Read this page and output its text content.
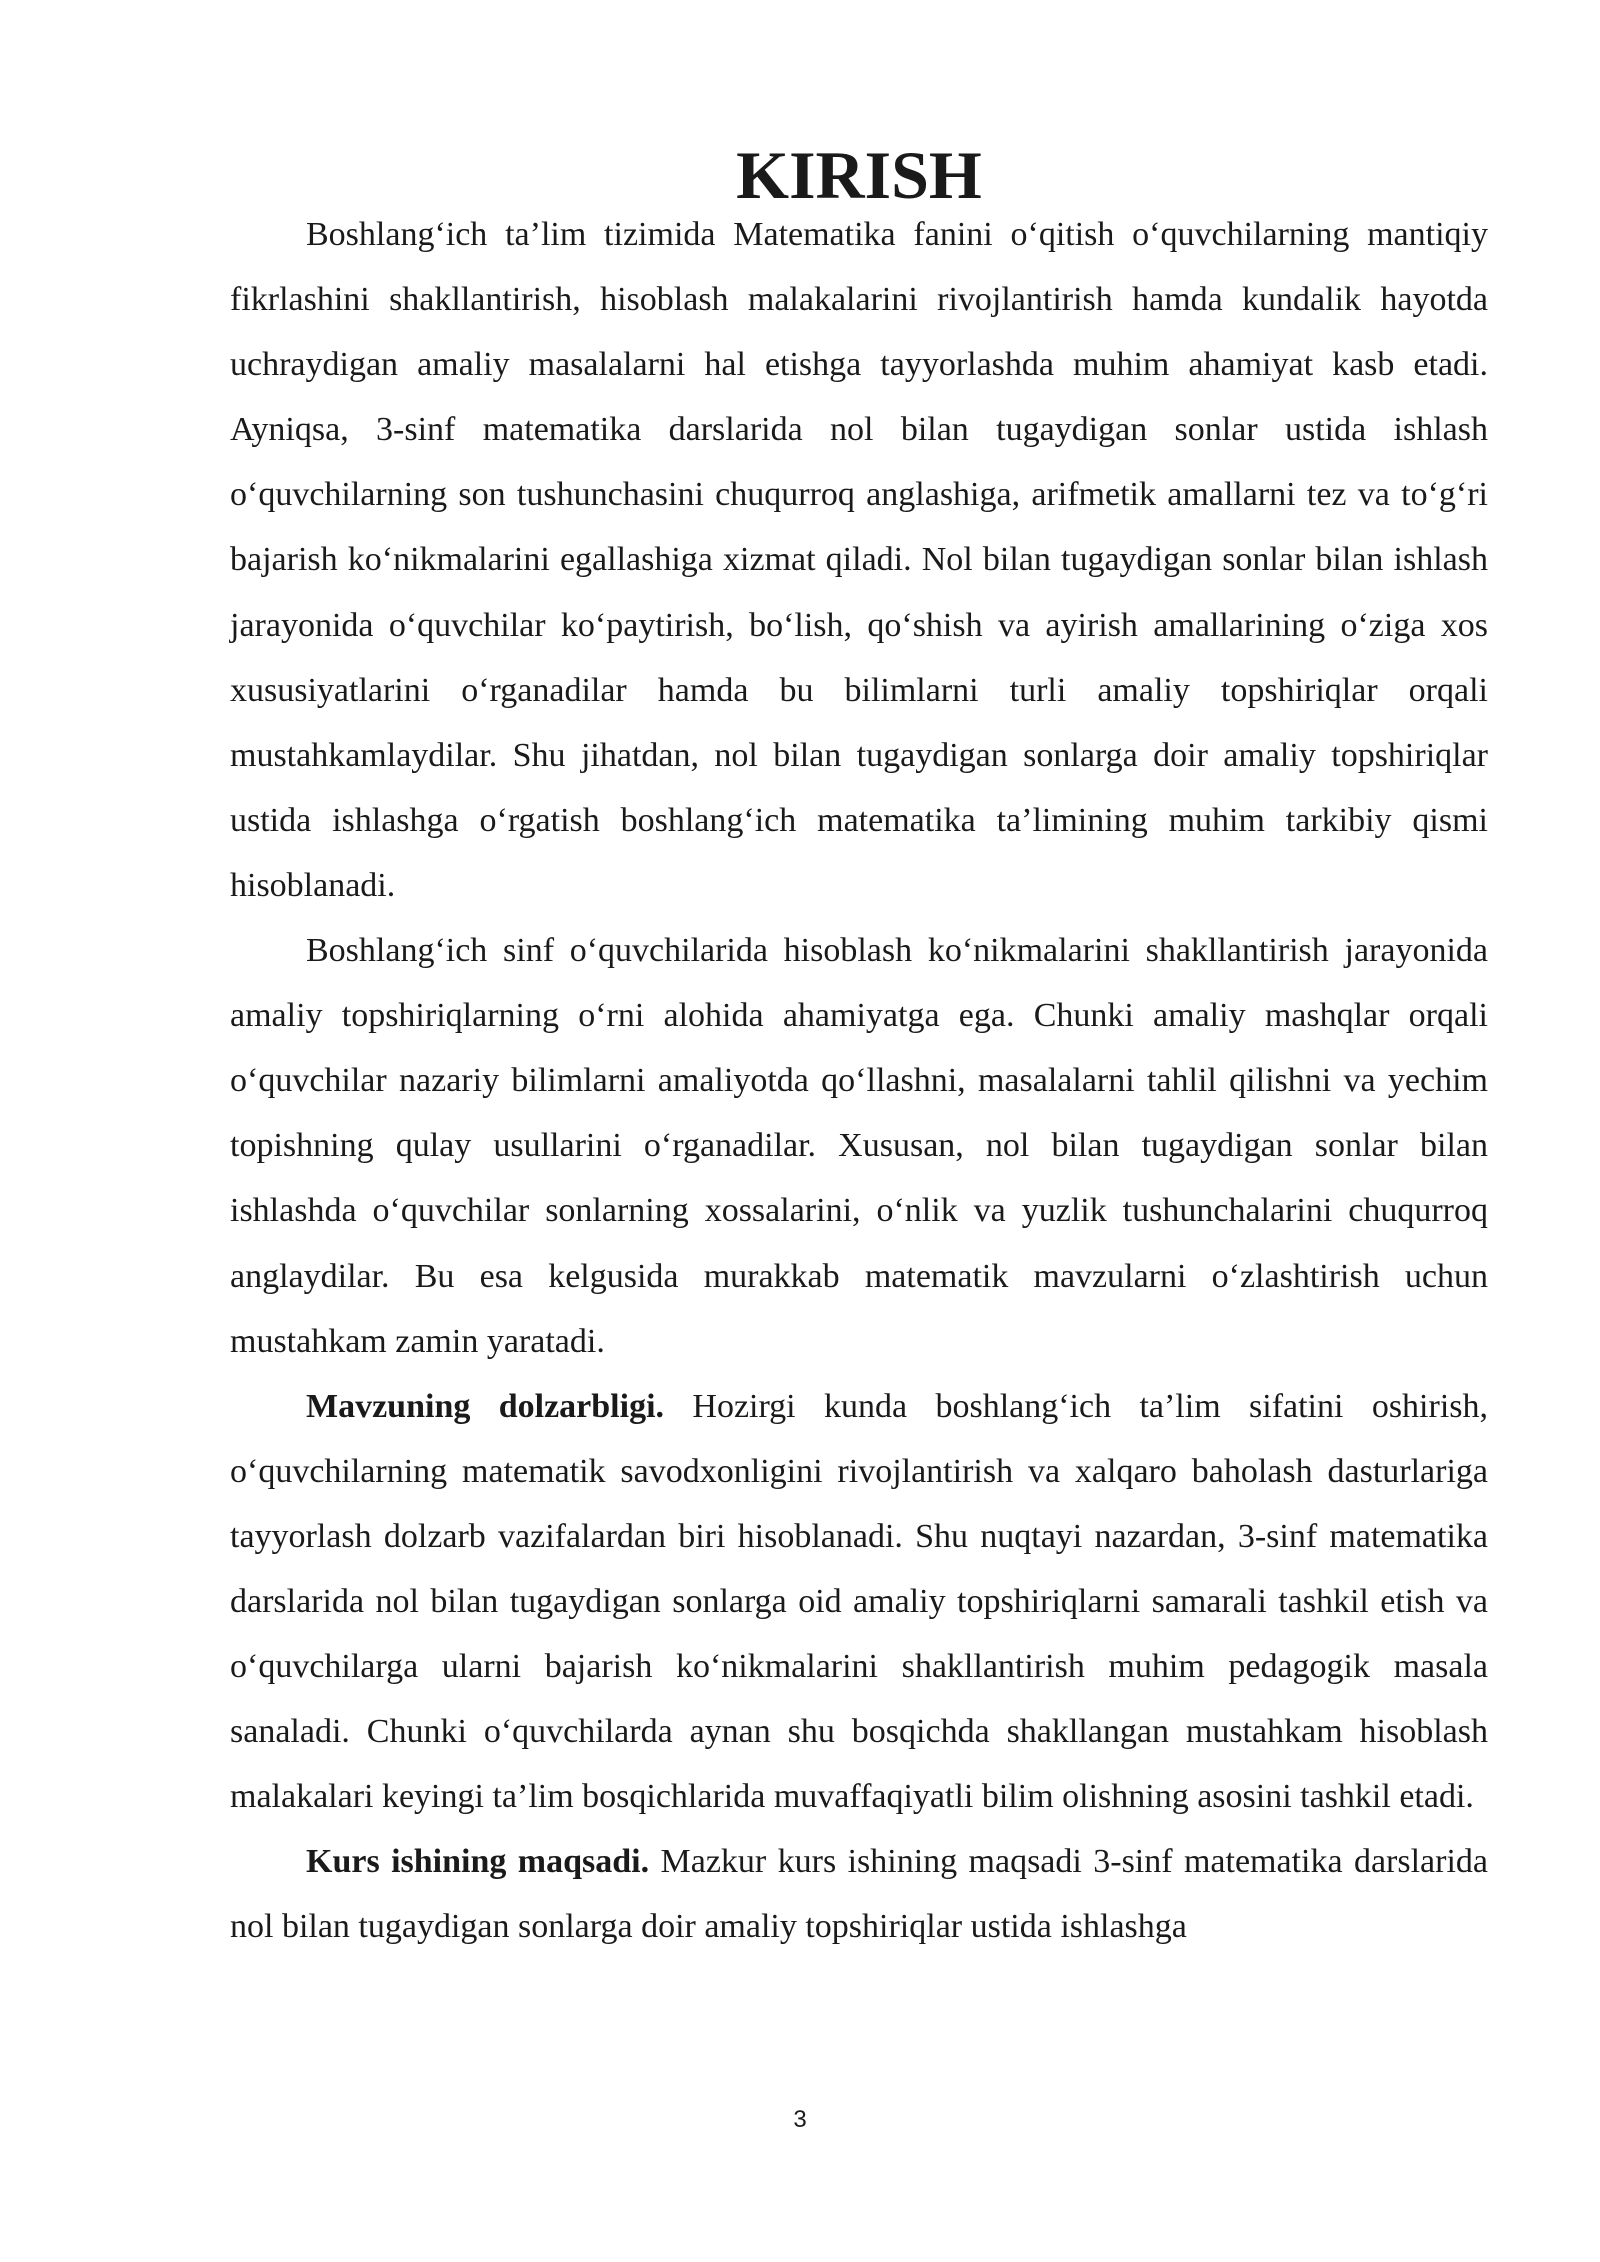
KIRISH

Boshlang‘ich ta’lim tizimida Matematika fanini o‘qitish o‘quvchilarning mantiqiy fikrlashini shakllantirish, hisoblash malakalarini rivojlantirish hamda kundalik hayotda uchraydigan amaliy masalalarni hal etishga tayyorlashda muhim ahamiyat kasb etadi. Ayniqsa, 3-sinf matematika darslarida nol bilan tugaydigan sonlar ustida ishlash o‘quvchilarning son tushunchasini chuqurroq anglashiga, arifmetik amallarni tez va to‘g‘ri bajarish ko‘nikmalarini egallashiga xizmat qiladi. Nol bilan tugaydigan sonlar bilan ishlash jarayonida o‘quvchilar ko‘paytirish, bo‘lish, qo‘shish va ayirish amallarining o‘ziga xos xususiyatlarini o‘rganadilar hamda bu bilimlarni turli amaliy topshiriqlar orqali mustahkamlaydilar. Shu jihatdan, nol bilan tugaydigan sonlarga doir amaliy topshiriqlar ustida ishlashga o‘rgatish boshlang‘ich matematika ta’limining muhim tarkibiy qismi hisoblanadi.

Boshlang‘ich sinf o‘quvchilarida hisoblash ko‘nikmalarini shakllantirish jarayonida amaliy topshiriqlarning o‘rni alohida ahamiyatga ega. Chunki amaliy mashqlar orqali o‘quvchilar nazariy bilimlarni amaliyotda qo‘llashni, masalalarni tahlil qilishni va yechim topishning qulay usullarini o‘rganadilar. Xususan, nol bilan tugaydigan sonlar bilan ishlashda o‘quvchilar sonlarning xossalarini, o‘nlik va yuzlik tushunchalarini chuqurroq anglaydilar. Bu esa kelgusida murakkab matematik mavzularni o‘zlashtirish uchun mustahkam zamin yaratadi.

Mavzuning dolzarbligi. Hozirgi kunda boshlang‘ich ta’lim sifatini oshirish, o‘quvchilarning matematik savodxonligini rivojlantirish va xalqaro baholash dasturlariga tayyorlash dolzarb vazifalardan biri hisoblanadi. Shu nuqtayi nazardan, 3-sinf matematika darslarida nol bilan tugaydigan sonlarga oid amaliy topshiriqlarni samarali tashkil etish va o‘quvchilarga ularni bajarish ko‘nikmalarini shakllantirish muhim pedagogik masala sanaladi. Chunki o‘quvchilarda aynan shu bosqichda shakllangan mustahkam hisoblash malakalari keyingi ta’lim bosqichlarida muvaffaqiyatli bilim olishning asosini tashkil etadi.

Kurs ishining maqsadi. Mazkur kurs ishining maqsadi 3-sinf matematika darslarida nol bilan tugaydigan sonlarga doir amaliy topshiriqlar ustida ishlashga

3
